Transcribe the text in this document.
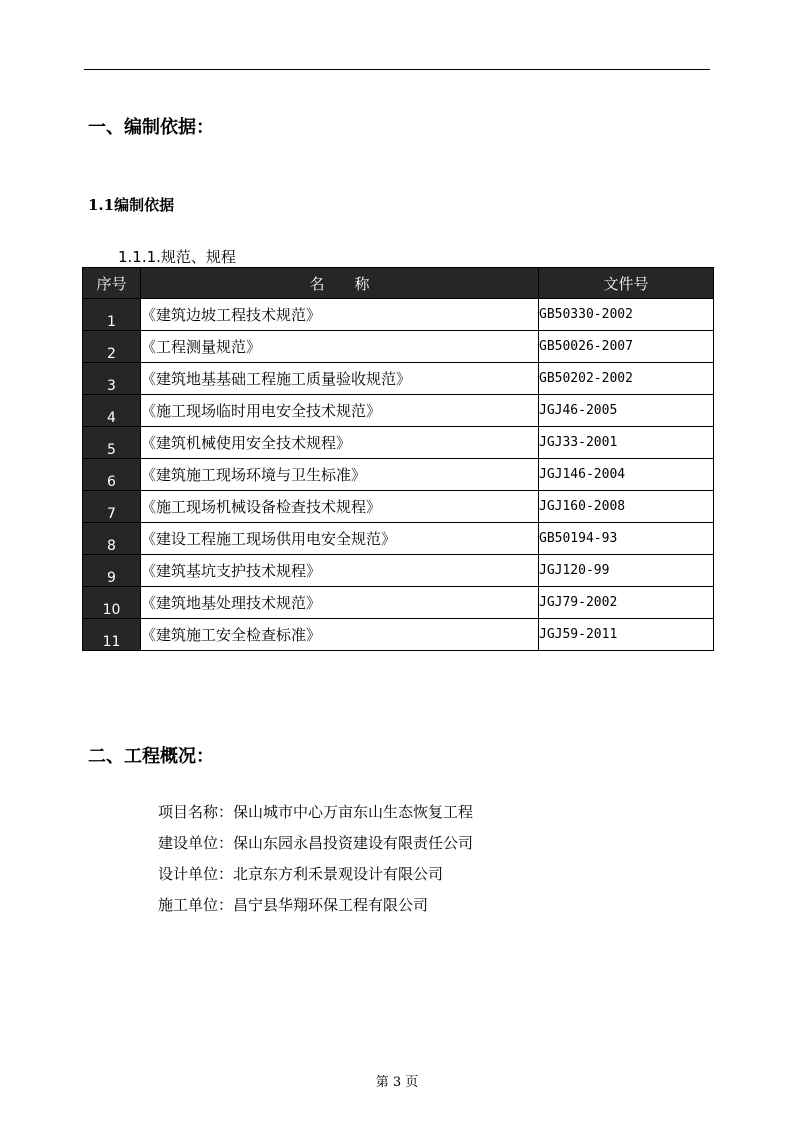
一、编制依据：
1.1编制依据

1.1.1.规范、规程

序号	名　　称	文件号
1	《建筑边坡工程技术规范》	GB50330-2002
2	《工程测量规范》	GB50026-2007
3	《建筑地基基础工程施工质量验收规范》	GB50202-2002
4	《施工现场临时用电安全技术规范》	JGJ46-2005
5	《建筑机械使用安全技术规程》	JGJ33-2001
6	《建筑施工现场环境与卫生标准》	JGJ146-2004
7	《施工现场机械设备检查技术规程》	JGJ160-2008
8	《建设工程施工现场供用电安全规范》	GB50194-93
9	《建筑基坑支护技术规程》	JGJ120-99
10	《建筑地基处理技术规范》	JGJ79-2002
11	《建筑施工安全检查标准》	JGJ59-2011
二、工程概况：

项目名称：保山城市中心万亩东山生态恢复工程

建设单位：保山东园永昌投资建设有限责任公司

设计单位：北京东方利禾景观设计有限公司

施工单位：昌宁县华翔环保工程有限公司

第 3 页
